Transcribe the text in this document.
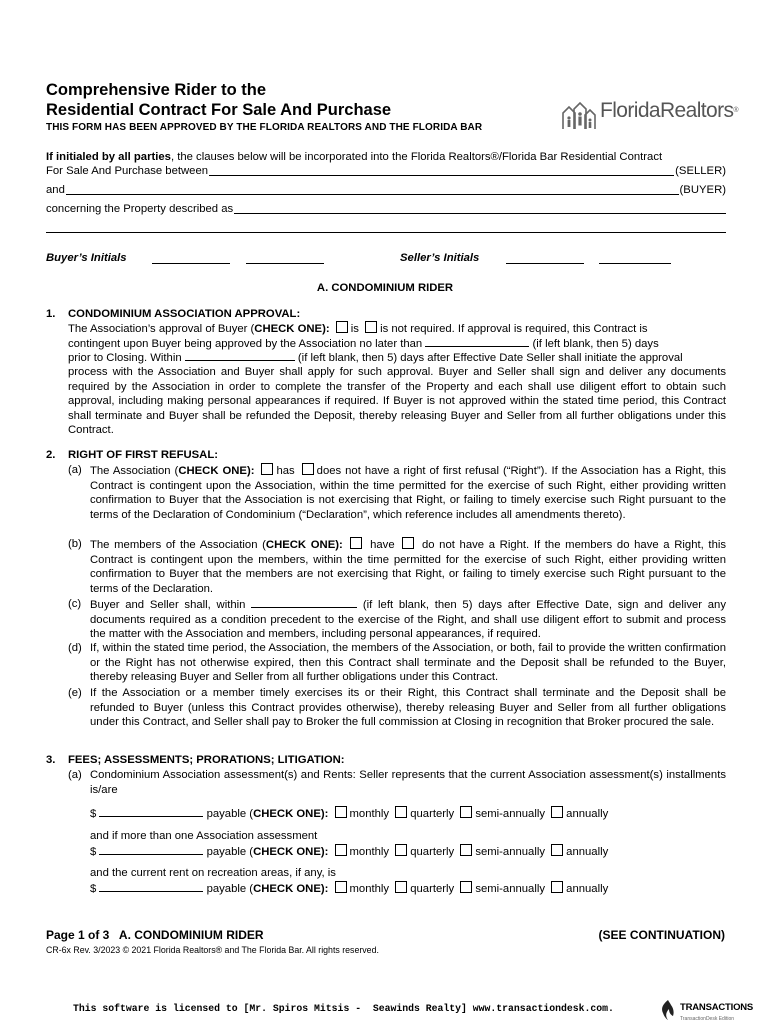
Comprehensive Rider to the
Residential Contract For Sale And Purchase
THIS FORM HAS BEEN APPROVED BY THE FLORIDA REALTORS AND THE FLORIDA BAR
FloridaRealtors®
If initialed by all parties, the clauses below will be incorporated into the Florida Realtors®/Florida Bar Residential Contract
For Sale And Purchase between	(SELLER)
and	(BUYER)
concerning the Property described as
Buyer’s Initials	Seller’s Initials
A. CONDOMINIUM RIDER
1. CONDOMINIUM ASSOCIATION APPROVAL:
The Association’s approval of Buyer (CHECK ONE): is is not required. If approval is required, this Contract is
contingent upon Buyer being approved by the Association no later than	(if left blank, then 5) days
prior to Closing. Within	(if left blank, then 5) days after Effective Date Seller shall initiate the approval
process with the Association and Buyer shall apply for such approval. Buyer and Seller shall sign and deliver any documents required by the Association in order to complete the transfer of the Property and each shall use diligent effort to obtain such approval, including making personal appearances if required. If Buyer is not approved within the stated time period, this Contract shall terminate and Buyer shall be refunded the Deposit, thereby releasing Buyer and Seller from all further obligations under this Contract.
2. RIGHT OF FIRST REFUSAL:
(a) The Association (CHECK ONE): has does not have a right of first refusal (“Right”). If the Association has a Right, this Contract is contingent upon the Association, within the time permitted for the exercise of such Right, either providing written confirmation to Buyer that the Association is not exercising that Right, or failing to timely exercise such Right pursuant to the terms of the Declaration of Condominium (“Declaration”, which reference includes all amendments thereto).
(b) The members of the Association (CHECK ONE): have do not have a Right. If the members do have a Right, this Contract is contingent upon the members, within the time permitted for the exercise of such Right, either providing written confirmation to Buyer that the members are not exercising that Right, or failing to timely exercise such Right pursuant to the terms of the Declaration.
(c) Buyer and Seller shall, within	(if left blank, then 5) days after Effective Date, sign and deliver any documents required as a condition precedent to the exercise of the Right, and shall use diligent effort to submit and process the matter with the Association and members, including personal appearances, if required.
(d) If, within the stated time period, the Association, the members of the Association, or both, fail to provide the written confirmation or the Right has not otherwise expired, then this Contract shall terminate and the Deposit shall be refunded to the Buyer, thereby releasing Buyer and Seller from all further obligations under this Contract.
(e) If the Association or a member timely exercises its or their Right, this Contract shall terminate and the Deposit shall be refunded to Buyer (unless this Contract provides otherwise), thereby releasing Buyer and Seller from all further obligations under this Contract, and Seller shall pay to Broker the full commission at Closing in recognition that Broker procured the sale.
3. FEES; ASSESSMENTS; PRORATIONS; LITIGATION:
(a) Condominium Association assessment(s) and Rents: Seller represents that the current Association assessment(s) installments is/are
$	payable (CHECK ONE): monthly quarterly semi-annually annually
and if more than one Association assessment
$	payable (CHECK ONE): monthly quarterly semi-annually annually
and the current rent on recreation areas, if any, is
$	payable (CHECK ONE): monthly quarterly semi-annually annually
Page 1 of 3   A. CONDOMINIUM RIDER	(SEE CONTINUATION)
CR-6x Rev. 3/2023 © 2021 Florida Realtors® and The Florida Bar. All rights reserved.
This software is licensed to [Mr. Spiros Mitsis -  Seawinds Realty] www.transactiondesk.com.	TRANSACTIONS
TransactionDesk Edition
